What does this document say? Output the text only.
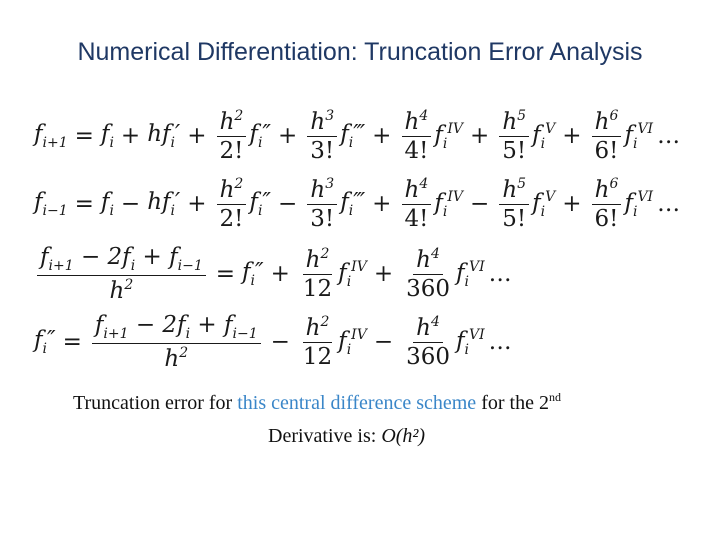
Numerical Differentiation: Truncation Error Analysis
$f_{i+1} = f_i + hf_i' + \frac{h^2}{2!} f_i'' + \frac{h^3}{3!}$ $f_i‴ + \frac{h^4}{4!} f_i^{IV} + \frac{h^5}{5!} f_i^V + \frac{h^6}{6!} f_i^{VI}$ …
$f_{i-1} = f_i - hf_i' + \frac{h^2}{2!} f_i'' - \frac{h^3}{3!}$ $f_i‴ + \frac{h^4}{4!} f_i^{IV} - \frac{h^5}{5!} f_i^V + \frac{h^6}{6!} f_i^{VI}$ …
$\frac{f_{i+1} - 2f_i + f_{i-1}}{h^2} = f_i'' + \frac{h^2}{12} f_i^{IV} + \frac{h^4}{360} f_i^{VI}$ …
$f_i'' = \frac{f_{i+1} - 2f_i + f_{i-1}}{h^2} - \frac{h^2}{12} f_i^{IV} - \frac{h^4}{360} f_i^{VI}$ …
Truncation error for this central difference scheme for the 2nd
Derivative is: O(h²)
